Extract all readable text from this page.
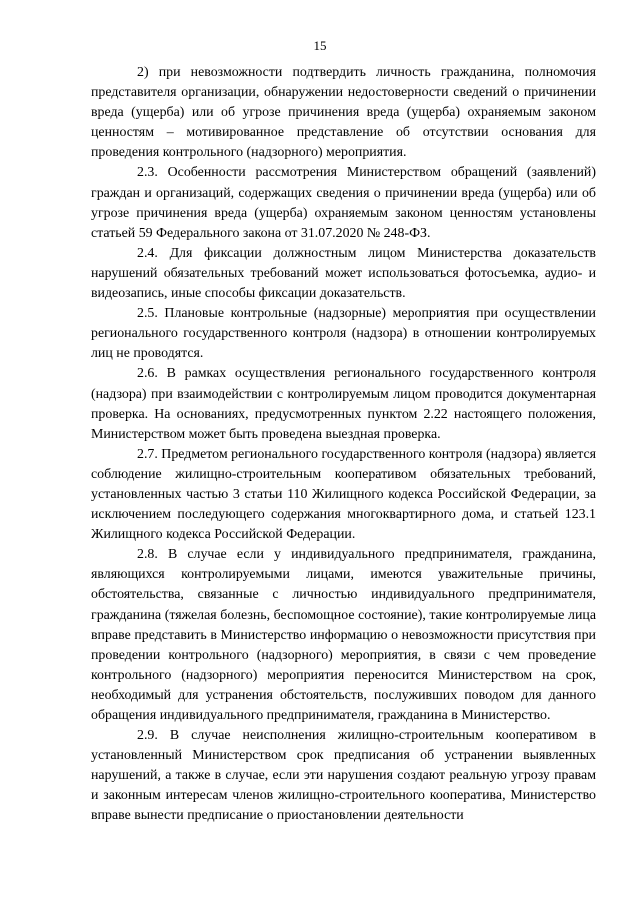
15

2) при невозможности подтвердить личность гражданина, полномочия представителя организации, обнаружении недостоверности сведений о причинении вреда (ущерба) или об угрозе причинения вреда (ущерба) охраняемым законом ценностям – мотивированное представление об отсутствии основания для проведения контрольного (надзорного) мероприятия.

2.3. Особенности рассмотрения Министерством обращений (заявлений) граждан и организаций, содержащих сведения о причинении вреда (ущерба) или об угрозе причинения вреда (ущерба) охраняемым законом ценностям установлены статьей 59 Федерального закона от 31.07.2020 № 248-ФЗ.

2.4. Для фиксации должностным лицом Министерства доказательств нарушений обязательных требований может использоваться фотосъемка, аудио- и видеозапись, иные способы фиксации доказательств.

2.5. Плановые контрольные (надзорные) мероприятия при осуществлении регионального государственного контроля (надзора) в отношении контролируемых лиц не проводятся.

2.6. В рамках осуществления регионального государственного контроля (надзора) при взаимодействии с контролируемым лицом проводится документарная проверка. На основаниях, предусмотренных пунктом 2.22 настоящего положения, Министерством может быть проведена выездная проверка.

2.7. Предметом регионального государственного контроля (надзора) является соблюдение жилищно-строительным кооперативом обязательных требований, установленных частью 3 статьи 110 Жилищного кодекса Российской Федерации, за исключением последующего содержания многоквартирного дома, и статьей 123.1 Жилищного кодекса Российской Федерации.

2.8. В случае если у индивидуального предпринимателя, гражданина, являющихся контролируемыми лицами, имеются уважительные причины, обстоятельства, связанные с личностью индивидуального предпринимателя, гражданина (тяжелая болезнь, беспомощное состояние), такие контролируемые лица вправе представить в Министерство информацию о невозможности присутствия при проведении контрольного (надзорного) мероприятия, в связи с чем проведение контрольного (надзорного) мероприятия переносится Министерством на срок, необходимый для устранения обстоятельств, послуживших поводом для данного обращения индивидуального предпринимателя, гражданина в Министерство.

2.9. В случае неисполнения жилищно-строительным кооперативом в установленный Министерством срок предписания об устранении выявленных нарушений, а также в случае, если эти нарушения создают реальную угрозу правам и законным интересам членов жилищно-строительного кооператива, Министерство вправе вынести предписание о приостановлении деятельности
